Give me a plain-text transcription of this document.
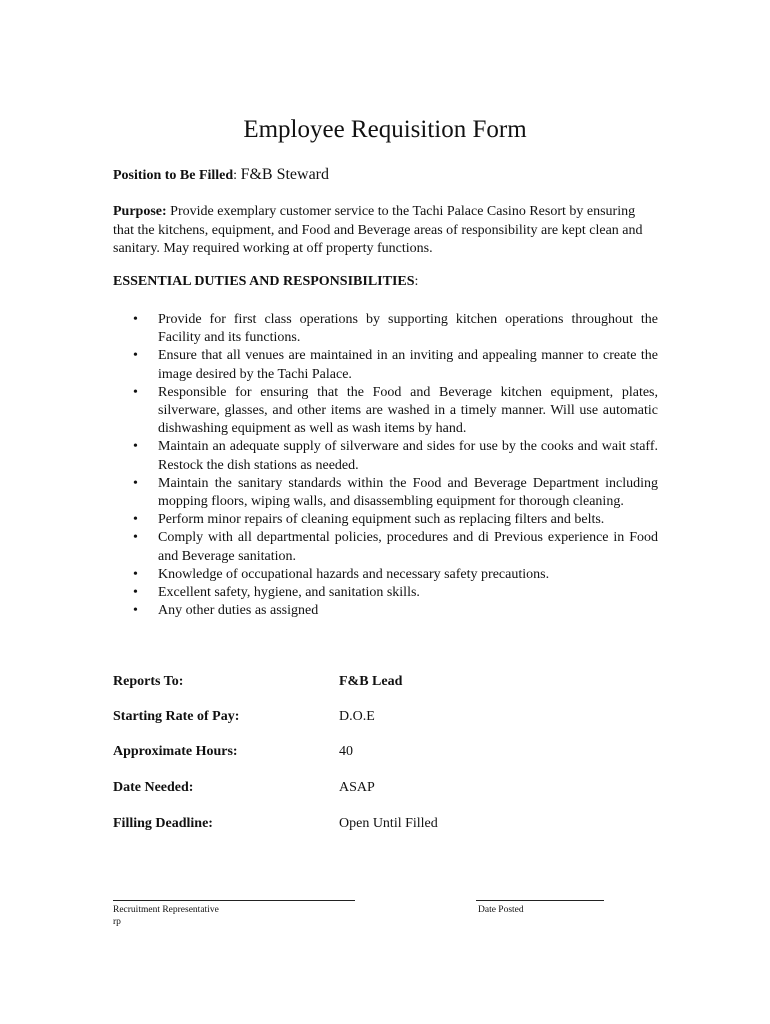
Employee Requisition Form
Position to Be Filled: F&B Steward
Purpose: Provide exemplary customer service to the Tachi Palace Casino Resort by ensuring that the kitchens, equipment, and Food and Beverage areas of responsibility are kept clean and sanitary. May required working at off property functions.
ESSENTIAL DUTIES AND RESPONSIBILITIES:
• Provide for first class operations by supporting kitchen operations throughout the Facility and its functions.
• Ensure that all venues are maintained in an inviting and appealing manner to create the image desired by the Tachi Palace.
• Responsible for ensuring that the Food and Beverage kitchen equipment, plates, silverware, glasses, and other items are washed in a timely manner. Will use automatic dishwashing equipment as well as wash items by hand.
• Maintain an adequate supply of silverware and sides for use by the cooks and wait staff. Restock the dish stations as needed.
• Maintain the sanitary standards within the Food and Beverage Department including mopping floors, wiping walls, and disassembling equipment for thorough cleaning.
• Perform minor repairs of cleaning equipment such as replacing filters and belts.
• Comply with all departmental policies, procedures and di Previous experience in Food and Beverage sanitation.
• Knowledge of occupational hazards and necessary safety precautions.
• Excellent safety, hygiene, and sanitation skills.
• Any other duties as assigned
Reports To:	F&B Lead
Starting Rate of Pay:	D.O.E
Approximate Hours:	40
Date Needed:	ASAP
Filling Deadline:	Open Until Filled
Recruitment Representative
rp
Date Posted
